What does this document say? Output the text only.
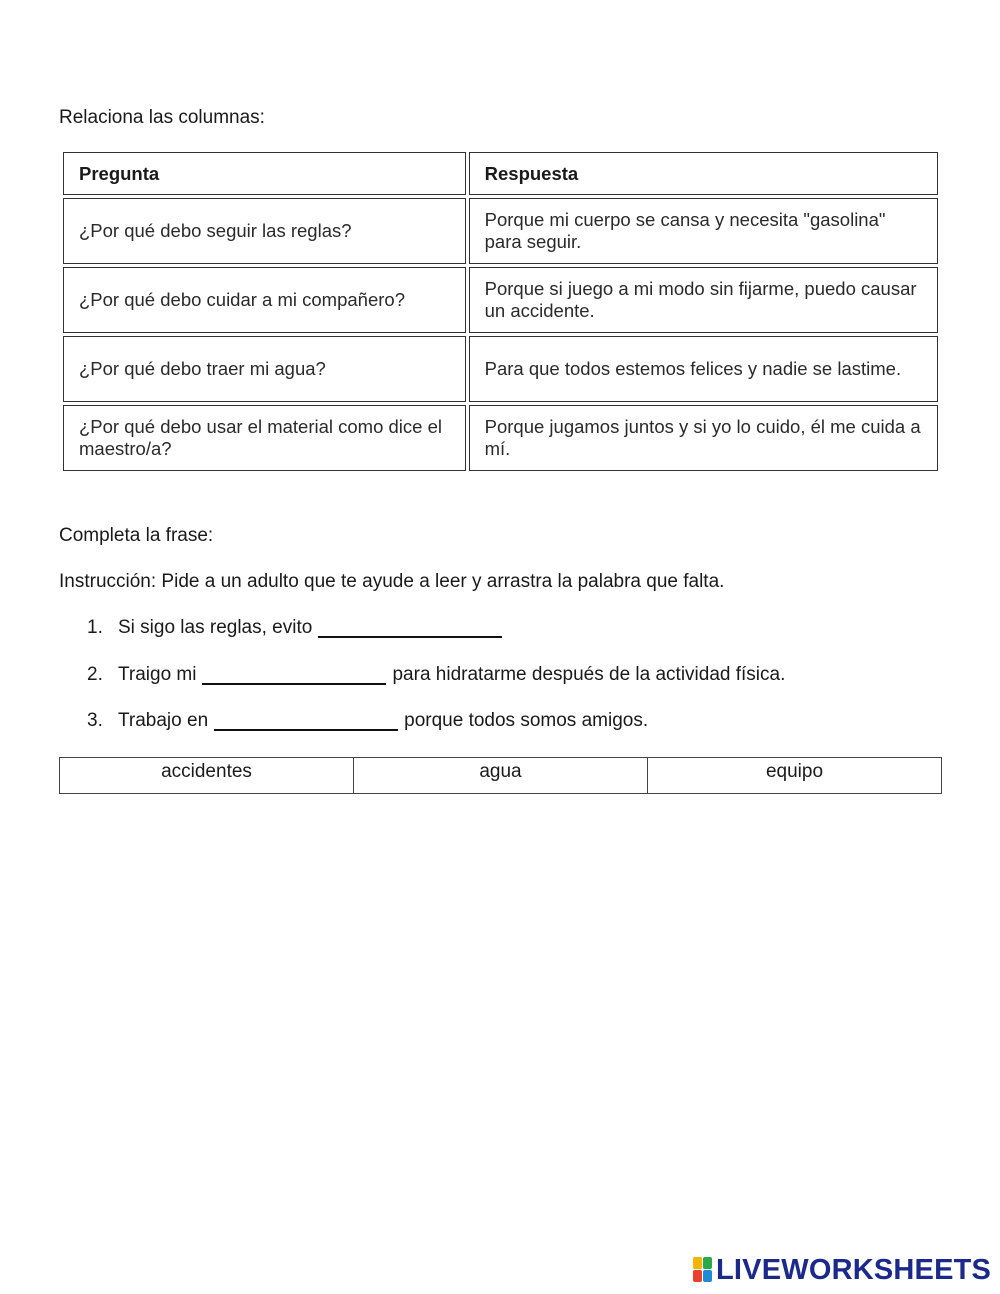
Relaciona las columnas:

Pregunta	Respuesta
¿Por qué debo seguir las reglas?	Porque mi cuerpo se cansa y necesita "gasolina" para seguir.
¿Por qué debo cuidar a mi compañero?	Porque si juego a mi modo sin fijarme, puedo causar un accidente.
¿Por qué debo traer mi agua?	Para que todos estemos felices y nadie se lastime.
¿Por qué debo usar el material como dice el maestro/a?	Porque jugamos juntos y si yo lo cuido, él me cuida a mí.

Completa la frase:

Instrucción: Pide a un adulto que te ayude a leer y arrastra la palabra que falta.

1. Si sigo las reglas, evito
2. Traigo mi	para hidratarme después de la actividad física.
3. Trabajo en	porque todos somos amigos.
accidentes	agua	equipo
LIVEWORKSHEETS
